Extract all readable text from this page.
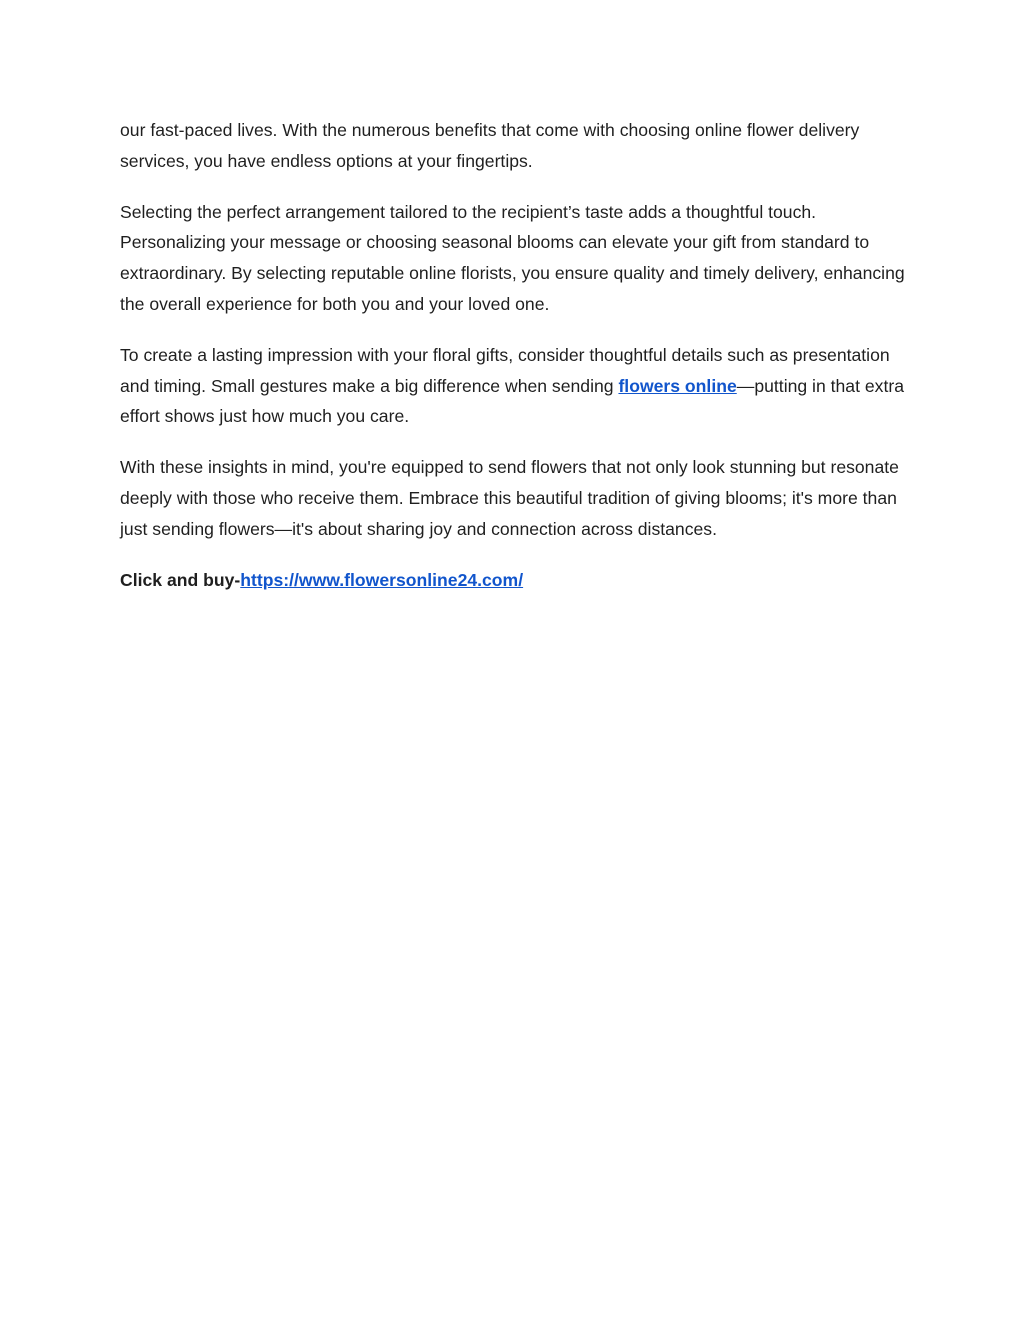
our fast-paced lives. With the numerous benefits that come with choosing online flower delivery services, you have endless options at your fingertips.

Selecting the perfect arrangement tailored to the recipient’s taste adds a thoughtful touch. Personalizing your message or choosing seasonal blooms can elevate your gift from standard to extraordinary. By selecting reputable online florists, you ensure quality and timely delivery, enhancing the overall experience for both you and your loved one.

To create a lasting impression with your floral gifts, consider thoughtful details such as presentation and timing. Small gestures make a big difference when sending flowers online—putting in that extra effort shows just how much you care.

With these insights in mind, you're equipped to send flowers that not only look stunning but resonate deeply with those who receive them. Embrace this beautiful tradition of giving blooms; it's more than just sending flowers—it's about sharing joy and connection across distances.

Click and buy-https://www.flowersonline24.com/
